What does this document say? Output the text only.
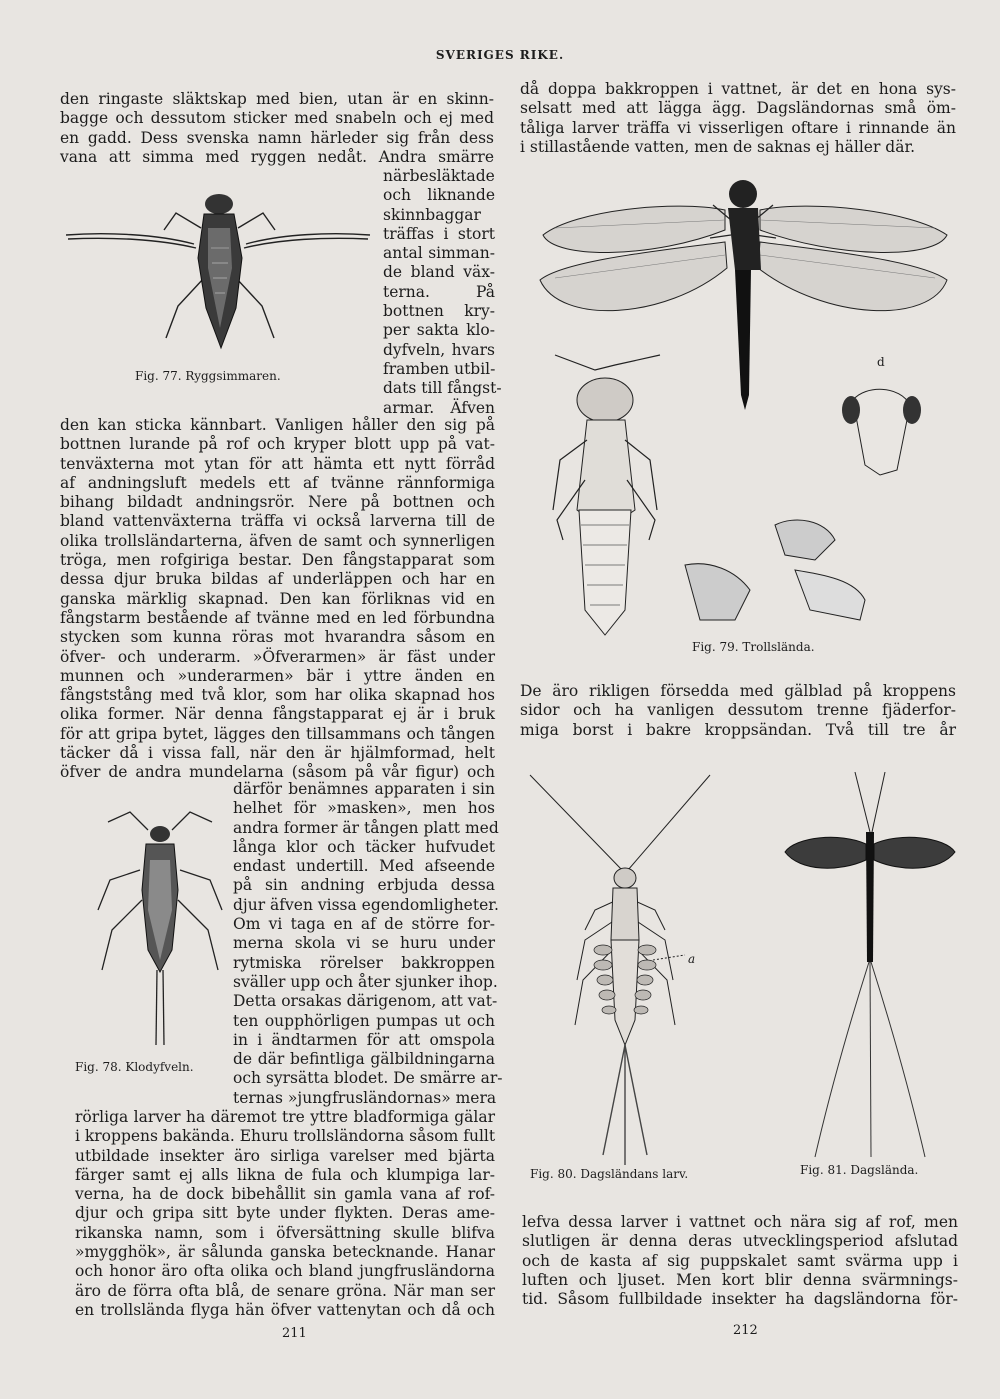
SVERIGES RIKE.
den ringaste släktskap med bien, utan är en skinn-
bagge och dessutom sticker med snabeln och ej med
en gadd. Dess svenska namn härleder sig från dess
vana att simma med ryggen nedåt. Andra smärre
närbesläktade
och liknande
skinnbaggar
träffas i stort
antal simman-
de bland väx-
terna. På
bottnen kry-
per sakta klo-
dyfveln, hvars
framben utbil-
dats till fångst-
armar. Äfven
Fig. 77. Ryggsimmaren.
den kan sticka kännbart. Vanligen håller den sig på
bottnen lurande på rof och kryper blott upp på vat-
tenväxterna mot ytan för att hämta ett nytt förråd
af andningsluft medels ett af tvänne rännformiga
bihang bildadt andningsrör. Nere på bottnen och
bland vattenväxterna träffa vi också larverna till de
olika trollsländarterna, äfven de samt och synnerligen
tröga, men rofgiriga bestar. Den fångstapparat som
dessa djur bruka bildas af underläppen och har en
ganska märklig skapnad. Den kan förliknas vid en
fångstarm bestående af tvänne med en led förbundna
stycken som kunna röras mot hvarandra såsom en
öfver- och underarm. »Öfverarmen» är fäst under
munnen och »underarmen» bär i yttre änden en
fångststång med två klor, som har olika skapnad hos
olika former. När denna fångstapparat ej är i bruk
för att gripa bytet, lägges den tillsammans och tången
täcker då i vissa fall, när den är hjälmformad, helt
öfver de andra mundelarna (såsom på vår figur) och
därför benämnes apparaten i sin
helhet för »masken», men hos
andra former är tången platt med
långa klor och täcker hufvudet
endast undertill. Med afseende
på sin andning erbjuda dessa
djur äfven vissa egendomligheter.
Om vi taga en af de större for-
merna skola vi se huru under
rytmiska rörelser bakkroppen
sväller upp och åter sjunker ihop.
Detta orsakas därigenom, att vat-
ten oupphörligen pumpas ut och
in i ändtarmen för att omspola
de där befintliga gälbildningarna
och syrsätta blodet. De smärre ar-
ternas »jungfrusländornas» mera
Fig. 78. Klodyfveln.
rörliga larver ha däremot tre yttre bladformiga gälar
i kroppens bakända. Ehuru trollsländorna såsom fullt
utbildade insekter äro sirliga varelser med bjärta
färger samt ej alls likna de fula och klumpiga lar-
verna, ha de dock bibehållit sin gamla vana af rof-
djur och gripa sitt byte under flykten. Deras ame-
rikanska namn, som i öfversättning skulle blifva
»mygghök», är sålunda ganska betecknande. Hanar
och honor äro ofta olika och bland jungfrusländorna
äro de förra ofta blå, de senare gröna. När man ser
en trollslända flyga hän öfver vattenytan och då och
211
då doppa bakkroppen i vattnet, är det en hona sys-
selsatt med att lägga ägg. Dagsländornas små öm-
tåliga larver träffa vi visserligen oftare i rinnande än
i stillastående vatten, men de saknas ej häller där.
d
Fig. 79. Trollslända.
De äro rikligen försedda med gälblad på kroppens
sidor och ha vanligen dessutom trenne fjäderfor-
miga borst i bakre kroppsändan. Två till tre år
a
Fig. 80. Dagsländans larv.	Fig. 81. Dagslända.
lefva dessa larver i vattnet och nära sig af rof, men
slutligen är denna deras utvecklingsperiod afslutad
och de kasta af sig puppskalet samt svärma upp i
luften och ljuset. Men kort blir denna svärmnings-
tid. Såsom fullbildade insekter ha dagsländorna för-
212
